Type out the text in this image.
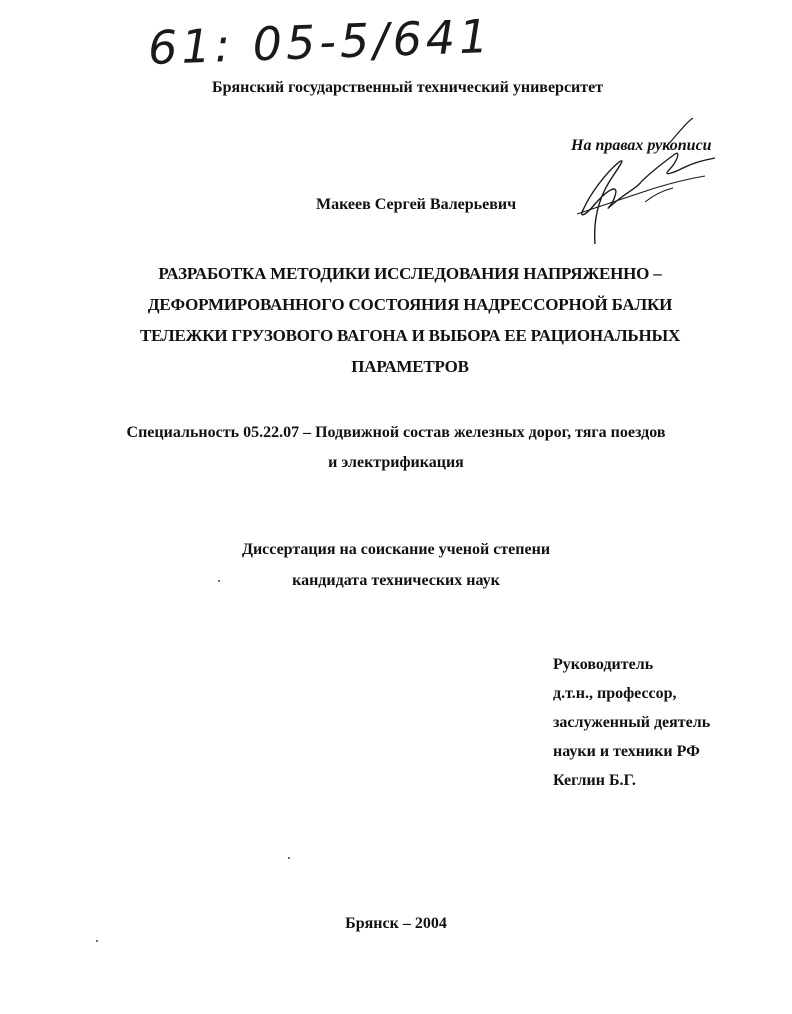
61: 05-5/641
Брянский государственный технический университет
На правах рукописи
Макеев Сергей Валерьевич
РАЗРАБОТКА МЕТОДИКИ ИССЛЕДОВАНИЯ НАПРЯЖЕННО –
ДЕФОРМИРОВАННОГО СОСТОЯНИЯ НАДРЕССОРНОЙ БАЛКИ
ТЕЛЕЖКИ ГРУЗОВОГО ВАГОНА И ВЫБОРА ЕЕ РАЦИОНАЛЬНЫХ
ПАРАМЕТРОВ
Специальность 05.22.07 – Подвижной состав железных дорог, тяга поездов
и электрификация
Диссертация на соискание ученой степени
кандидата технических наук
Руководитель
д.т.н., профессор,
заслуженный деятель
науки и техники РФ
Кеглин Б.Г.
Брянск – 2004
